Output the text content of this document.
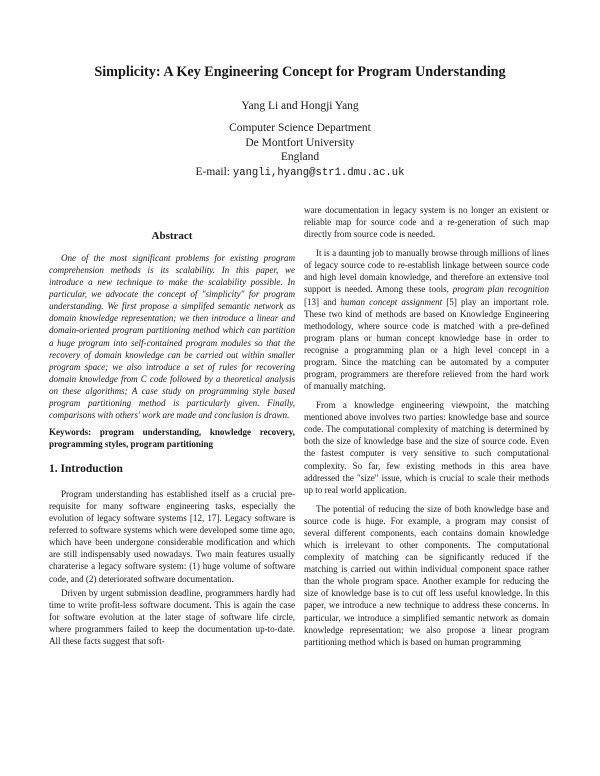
Simplicity: A Key Engineering Concept for Program Understanding
Yang Li and Hongji Yang
Computer Science Department
De Montfort University
England
E-mail: yangli,hyang@str1.dmu.ac.uk
Abstract

One of the most significant problems for existing program comprehension methods is its scalability. In this paper, we introduce a new technique to make the scalability possible. In particular, we advocate the concept of "simplicity" for program understanding. We first propose a simplifed semantic network as domain knowledge representation; we then introduce a linear and domain-oriented program partitioning method which can partition a huge program into self-contained program modules so that the recovery of domain knowledge can be carried out within smaller program space; we also introduce a set of rules for recovering domain knowledge from C code followed by a theoretical analysis on these algorithms; A case study on programming style based program partitioning method is particularly given. Finally, comparisons with others' work are made and conclusion is drawn.

Keywords: program understanding, knowledge recovery, programming styles, program partitioning

1. Introduction

Program understanding has established itself as a crucial pre-requisite for many software engineering tasks, especially the evolution of legacy software systems [12, 17]. Legacy software is referred to software systems which were developed some time ago, which have been undergone considerable modification and which are still indispensably used nowadays. Two main features usually charaterise a legacy software system: (1) huge volume of software code, and (2) deteriorated software documentation.

Driven by urgent submission deadline, programmers hardly had time to write profit-less software document. This is again the case for software evolution at the later stage of software life circle, where programmers failed to keep the documentation up-to-date. All these facts suggest that soft-

ware documentation in legacy system is no longer an existent or reliable map for source code and a re-generation of such map directly from source code is needed.

It is a daunting job to manually browse through millions of lines of legacy source code to re-establish linkage between source code and high level domain knowledge, and therefore an extensive tool support is needed. Among these tools, program plan recognition [13] and human concept assignment [5] play an important role. These two kind of methods are based on Knowledge Engineering methodology, where source code is matched with a pre-defined program plans or human concept knowledge base in order to recognise a programming plan or a high level concept in a program. Since the matching can be automated by a computer program, programmers are therefore relieved from the hard work of manually matching.

From a knowledge engineering viewpoint, the matching mentioned above involves two parties: knowledge base and source code. The computational complexity of matching is determined by both the size of knowledge base and the size of source code. Even the fastest computer is very sensitive to such computational complexity. So far, few existing methods in this area have addressed the "size" issue, which is crucial to scale their methods up to real world application.

The potential of reducing the size of both knowledge base and source code is huge. For example, a program may consist of several different components, each contains domain knowledge which is irrelevant to other components. The computational complexity of matching can be significantly reduced if the matching is carried out within individual component space rather than the whole program space. Another example for reducing the size of knowledge base is to cut off less useful knowledge. In this paper, we introduce a new technique to address these concerns. In particular, we introduce a simplified semantic network as domain knowledge representation; we also propose a linear program partitioning method which is based on human programming
